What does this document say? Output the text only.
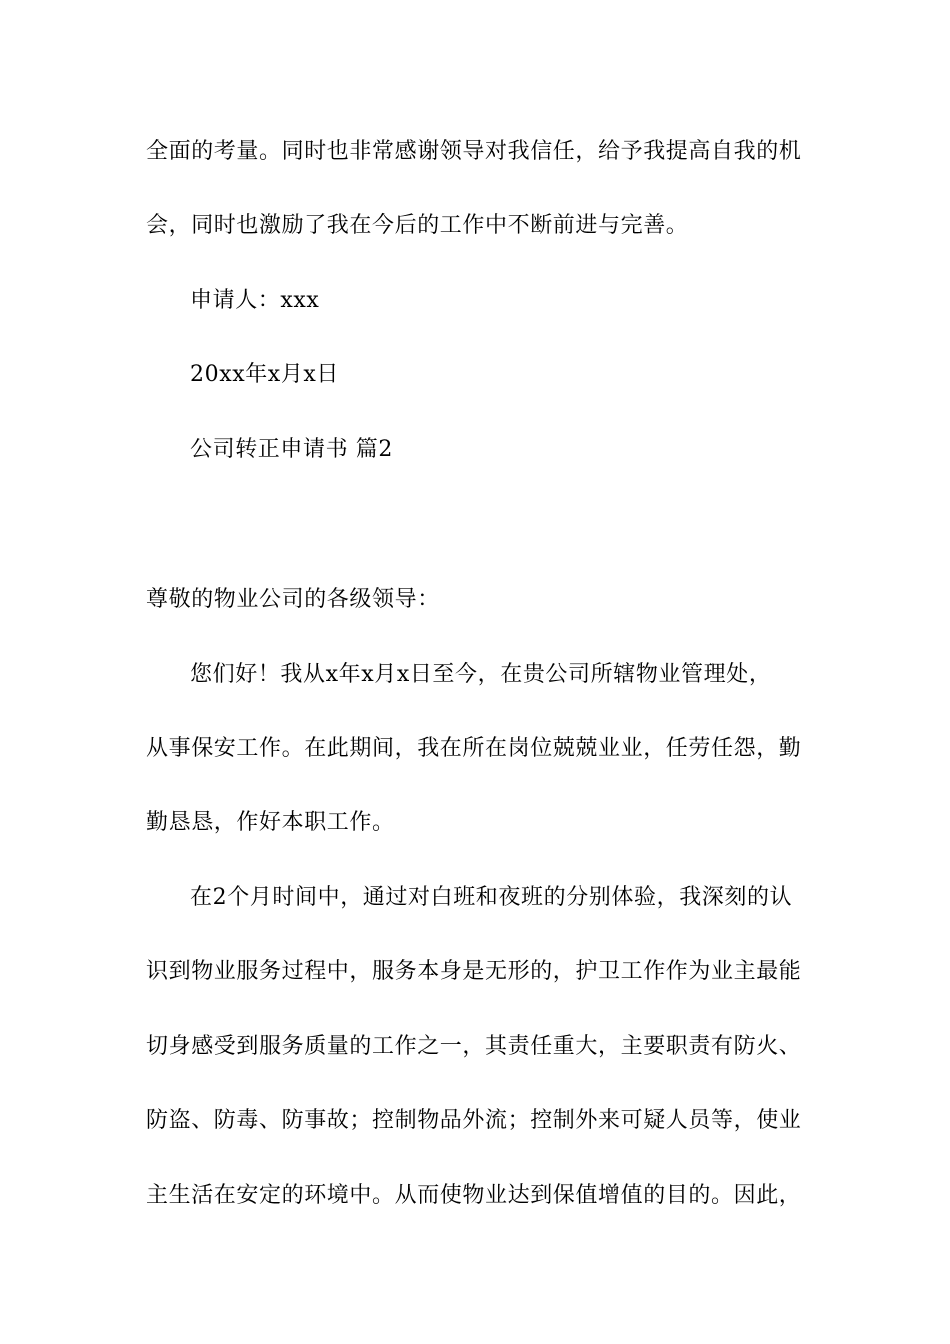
全面的考量。同时也非常感谢领导对我信任，给予我提高自我的机
会，同时也激励了我在今后的工作中不断前进与完善。
申请人：xxx
20xx年x月x日
公司转正申请书 篇2
尊敬的物业公司的各级领导：
您们好！我从x年x月x日至今，在贵公司所辖物业管理处，
从事保安工作。在此期间，我在所在岗位兢兢业业，任劳任怨，勤
勤恳恳，作好本职工作。
在2个月时间中，通过对白班和夜班的分别体验，我深刻的认
识到物业服务过程中，服务本身是无形的，护卫工作作为业主最能
切身感受到服务质量的工作之一，其责任重大，主要职责有防火、
防盗、防毒、防事故；控制物品外流；控制外来可疑人员等，使业
主生活在安定的环境中。从而使物业达到保值增值的目的。因此，
